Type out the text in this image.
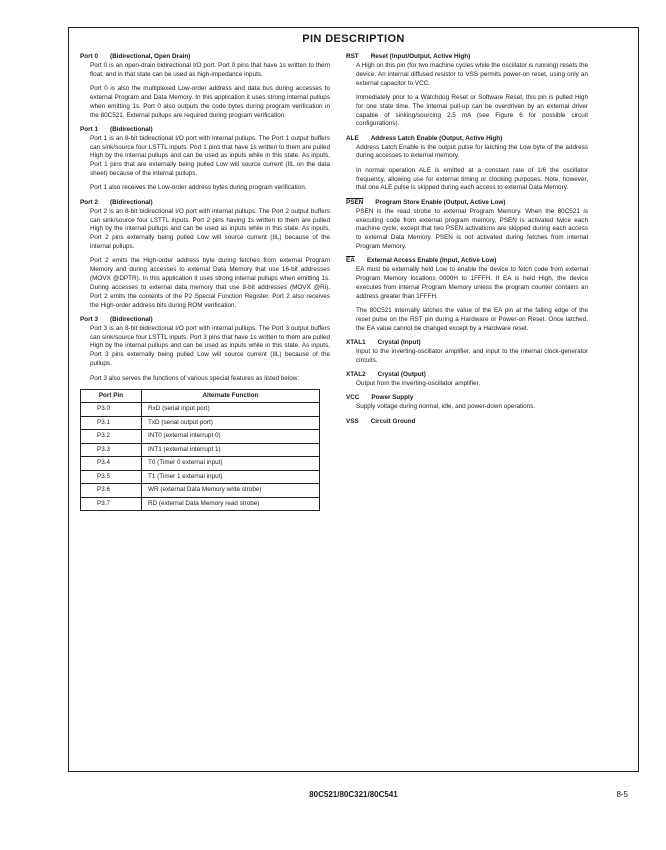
PIN DESCRIPTION
Port 0 (Bidirectional, Open Drain)

Port 0 is an open-drain bidirectional I/O port. Port 0 pins that have 1s written to them float, and in that state can be used as high-impedance inputs.

Port 0 is also the multiplexed Low-order address and data bus during accesses to external Program and Data Memory. In this application it uses strong internal pullups when emitting 1s. Port 0 also outputs the code bytes during program verification in the 80C521. External pullups are required during program verification.

Port 1 (Bidirectional)

Port 1 is an 8-bit bidirectional I/O port with internal pullups. The Port 1 output buffers can sink/source four LSTTL inputs. Port 1 pins that have 1s written to them are pulled High by the internal pullups and can be used as inputs while in this state. As inputs, Port 1 pins that are externally being pulled Low will source current (IIL on the data sheet) because of the internal pullups.

Port 1 also receives the Low-order address bytes during program verification.

Port 2 (Bidirectional)

Port 2 is an 8-bit bidirectional I/O port with internal pullups. The Port 2 output buffers can sink/source four LSTTL inputs. Port 2 pins having 1s written to them are pulled High by the internal pullups and can be used as inputs while in this state. As inputs, Port 2 pins externally being pulled Low will source current (IIL) because of the internal pullups.

Port 2 emits the High-order address byte during fetches from external Program Memory and during accesses to external Data Memory that use 16-bit addresses (MOVX @DPTR). In this application it uses strong internal pullups when emitting 1s. During accesses to external data memory that use 8-bit addresses (MOVX @Ri), Port 2 emits the contents of the P2 Special Function Register. Port 2 also receives the High-order address bits during ROM verification.

Port 3 (Bidirectional)

Port 3 is an 8-bit bidirectional I/O port with internal pullups. The Port 3 output buffers can sink/source four LSTTL inputs. Port 3 pins that have 1s written to them are pulled High by the internal pullups and can be used as inputs while in this state. As inputs, Port 3 pins externally being pulled Low will source current (IIL) because of the pullups.

Port 3 also serves the functions of various special features as listed below:

Port Pin	Alternate Function
P3.0	RxD (serial input port)
P3.1	TxD (serial output port)
P3.2	INT0 (external interrupt 0)
P3.3	INT1 (external interrupt 1)
P3.4	T0 (Timer 0 external input)
P3.5	T1 (Timer 1 external input)
P3.6	WR (external Data Memory write strobe)
P3.7	RD (external Data Memory read strobe)
RST Reset (Input/Output, Active High)

A High on this pin (for two machine cycles while the oscillator is running) resets the device. An internal diffused resistor to VSS permits power-on reset, using only an external capacitor to VCC.

Immediately prior to a Watchdog Reset or Software Reset, this pin is pulled High for one state time. The internal pull-up can be overdriven by an external driver capable of sinking/sourcing 2.5 mA (see Figure 6 for possible circuit configurations).

ALE Address Latch Enable (Output, Active High)

Address Latch Enable is the output pulse for latching the Low byte of the address during accesses to external memory.

In normal operation ALE is emitted at a constant rate of 1/6 the oscillator frequency, allowing use for external timing or clocking purposes. Note, however, that one ALE pulse is skipped during each access to external Data Memory.

PSEN Program Store Enable (Output, Active Low)

PSEN is the read strobe to external Program Memory. When the 80C521 is executing code from external program memory, PSEN is activated twice each machine cycle, except that two PSEN activations are skipped during each access to external Data Memory. PSEN is not activated during fetches from internal Program Memory.

$\overline{EA}$ External Access Enable (Input, Active Low)

EA must be externally held Low to enable the device to fetch code from external Program Memory locations 0000H to 1FFFH. If EA is held High, the device executes from internal Program Memory unless the program counter contains an address greater than 1FFFH.

The 80C521 internally latches the value of the EA pin at the falling edge of the reset pulse on the RST pin during a Hardware or Power-on Reset. Once latched, the EA value cannot be changed except by a Hardware reset.

XTAL1 Crystal (Input)

Input to the inverting-oscillator amplifier, and input to the internal clock-generator circuits.

XTAL2 Crystal (Output)

Output from the inverting-oscillator amplifier.

VCC Power Supply

Supply voltage during normal, idle, and power-down operations.

VSS Circuit Ground
80C521/80C321/80C541	8-5
